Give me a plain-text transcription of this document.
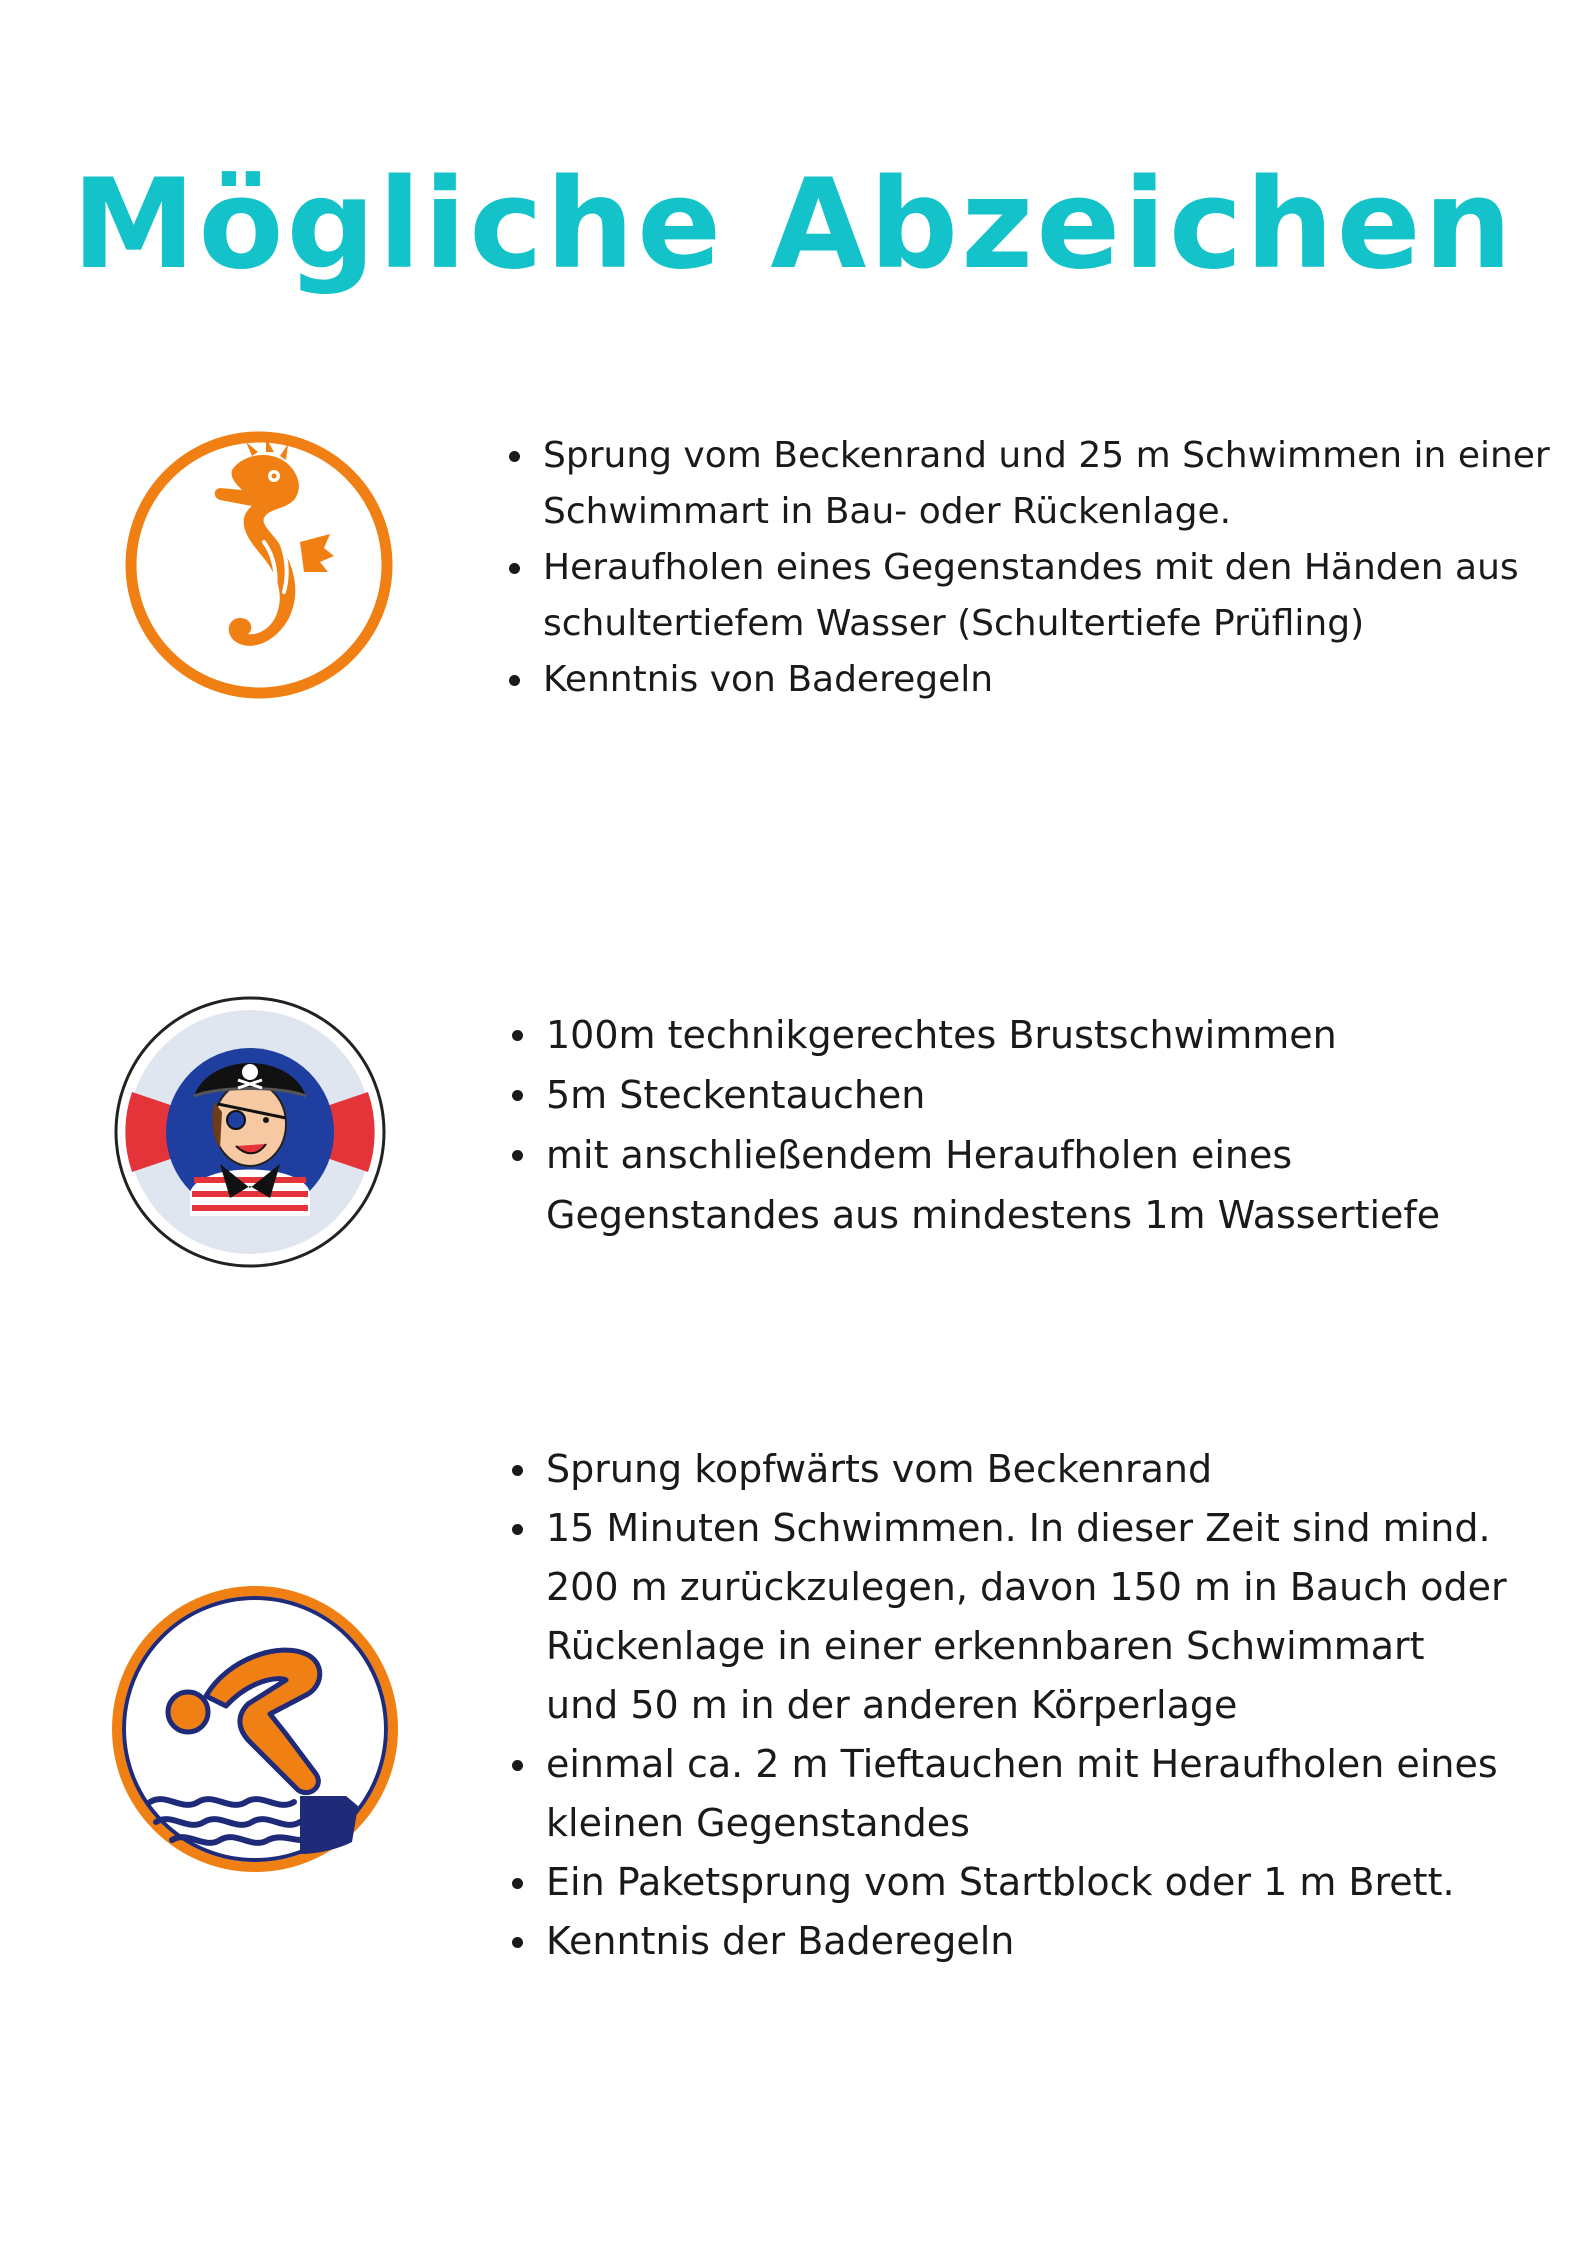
Mögliche Abzeichen
Sprung vom Beckenrand und 25 m Schwimmen in einer Schwimmart in Bau- oder Rückenlage.
Heraufholen eines Gegenstandes mit den Händen aus schultertiefem Wasser (Schultertiefe Prüfling)
Kenntnis von Baderegeln
100m technikgerechtes Brustschwimmen
5m Steckentauchen
mit anschließendem Heraufholen eines Gegenstandes aus mindestens 1m Wassertiefe
Sprung kopfwärts vom Beckenrand
15 Minuten Schwimmen. In dieser Zeit sind mind. 200 m zurückzulegen, davon 150 m in Bauch oder Rückenlage in einer erkennbaren Schwimmart und 50 m in der anderen Körperlage
einmal ca. 2 m Tieftauchen mit Heraufholen eines kleinen Gegenstandes
Ein Paketsprung vom Startblock oder 1 m Brett.
Kenntnis der Baderegeln
